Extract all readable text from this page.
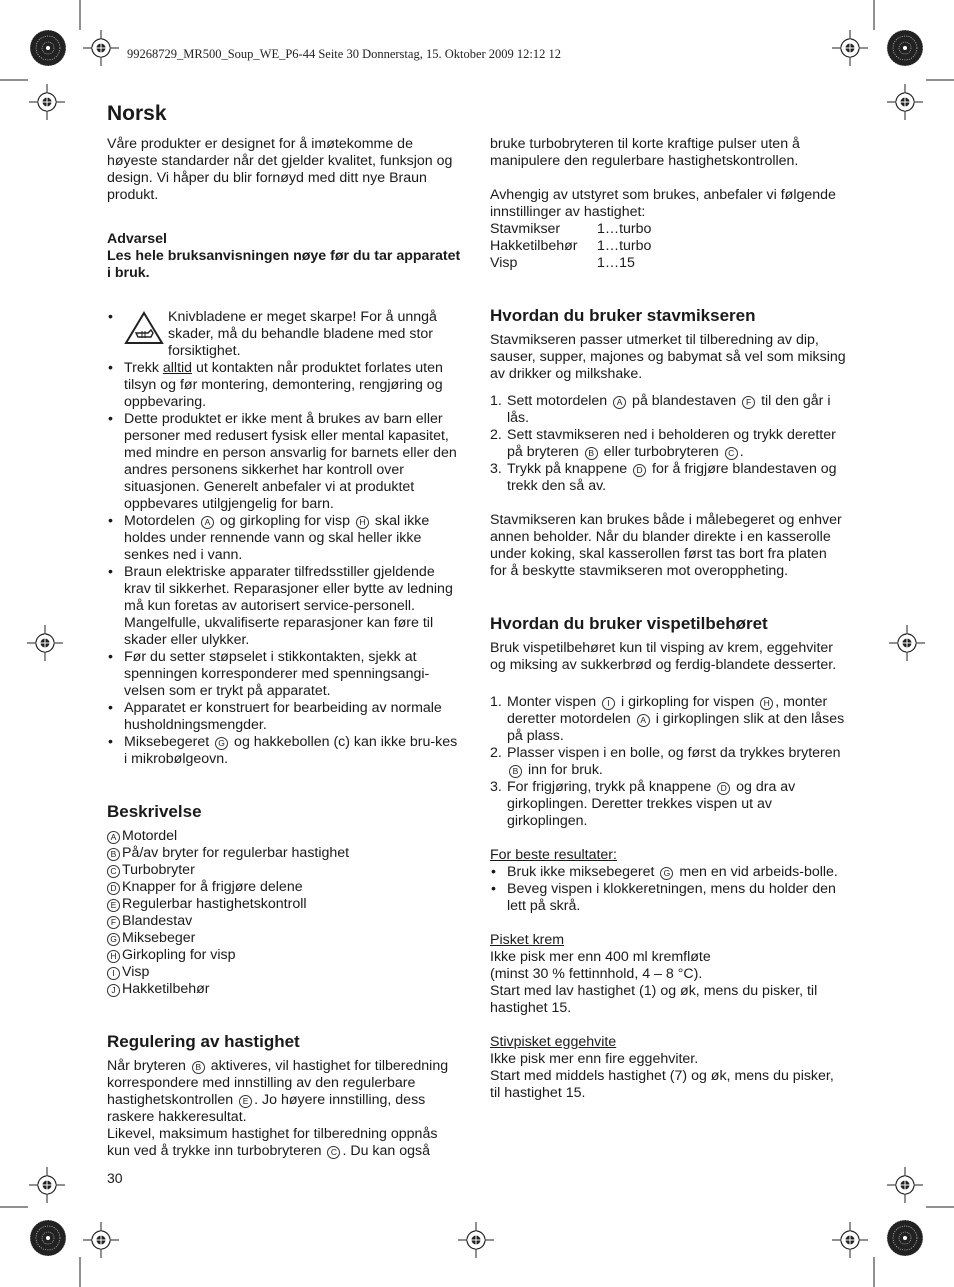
99268729_MR500_Soup_WE_P6-44 Seite 30 Donnerstag, 15. Oktober 2009 12:12 12
Norsk

Våre produkter er designet for å imøtekomme de høyeste standarder når det gjelder kvalitet, funksjon og design. Vi håper du blir fornøyd med ditt nye Braun produkt.

Advarsel

Les hele bruksanvisningen nøye før du tar apparatet i bruk.

• Knivbladene er meget skarpe! For å unngå skader, må du behandle bladene med stor forsiktighet.
• Trekk alltid ut kontakten når produktet forlates uten tilsyn og før montering, demontering, rengjøring og oppbevaring.
• Dette produktet er ikke ment å brukes av barn eller personer med redusert fysisk eller mental kapasitet, med mindre en person ansvarlig for barnets eller den andres personens sikkerhet har kontroll over situasjonen. Generelt anbefaler vi at produktet oppbevares utilgjengelig for barn.
• Motordelen A og girkopling for visp H skal ikke holdes under rennende vann og skal heller ikke senkes ned i vann.
• Braun elektriske apparater tilfredsstiller gjeldende krav til sikkerhet. Reparasjoner eller bytte av ledning må kun foretas av autorisert service-personell. Mangelfulle, ukvalifiserte reparasjoner kan føre til skader eller ulykker.
• Før du setter støpselet i stikkontakten, sjekk at spenningen korresponderer med spenningsangi-velsen som er trykt på apparatet.
• Apparatet er konstruert for bearbeiding av normale husholdningsmengder.
• Miksebegeret G og hakkebollen (c) kan ikke bru-kes i mikrobølgeovn.
Beskrivelse
A Motordel
B På/av bryter for regulerbar hastighet
C Turbobryter
D Knapper for å frigjøre delene
E Regulerbar hastighetskontroll
F Blandestav
G Miksebeger
H Girkopling for visp
I Visp
J Hakketilbehør
Regulering av hastighet

Når bryteren B aktiveres, vil hastighet for tilberedning korrespondere med innstilling av den regulerbare hastighetskontrollen E . Jo høyere innstilling, dess raskere hakkeresultat.

Likevel, maksimum hastighet for tilberedning oppnås kun ved å trykke inn turbobryteren C . Du kan også

bruke turbobryteren til korte kraftige pulser uten å manipulere den regulerbare hastighetskontrollen.

Avhengig av utstyret som brukes, anbefaler vi følgende innstillinger av hastighet:

Stavmikser	1…turbo
Hakketilbehør	1…turbo
Visp	1…15
Hvordan du bruker stavmikseren

Stavmikseren passer utmerket til tilberedning av dip, sauser, supper, majones og babymat så vel som miksing av drikker og milkshake.

1. Sett motordelen A på blandestaven F til den går i lås.
2. Sett stavmikseren ned i beholderen og trykk deretter på bryteren B eller turbobryteren C .
3. Trykk på knappene D for å frigjøre blandestaven og trekk den så av.

Stavmikseren kan brukes både i målebegeret og enhver annen beholder. Når du blander direkte i en kasserolle under koking, skal kasserollen først tas bort fra platen for å beskytte stavmikseren mot overoppheting.

Hvordan du bruker vispetilbehøret

Bruk vispetilbehøret kun til visping av krem, eggehviter og miksing av sukkerbrød og ferdig-blandete desserter.

1. Monter vispen I i girkopling for vispen H , monter deretter motordelen A i girkoplingen slik at den låses på plass.
2. Plasser vispen i en bolle, og først da trykkes bryteren B inn for bruk.
3. For frigjøring, trykk på knappene D og dra av girkoplingen. Deretter trekkes vispen ut av girkoplingen.

For beste resultater:

• Bruk ikke miksebegeret G men en vid arbeids-bolle.
• Beveg vispen i klokkeretningen, mens du holder den lett på skrå.

Pisket krem

Ikke pisk mer enn 400 ml kremfløte

(minst 30 % fettinnhold, 4 – 8 °C).

Start med lav hastighet (1) og øk, mens du pisker, til hastighet 15.

Stivpisket eggehvite

Ikke pisk mer enn fire eggehviter.

Start med middels hastighet (7) og øk, mens du pisker, til hastighet 15.

30
